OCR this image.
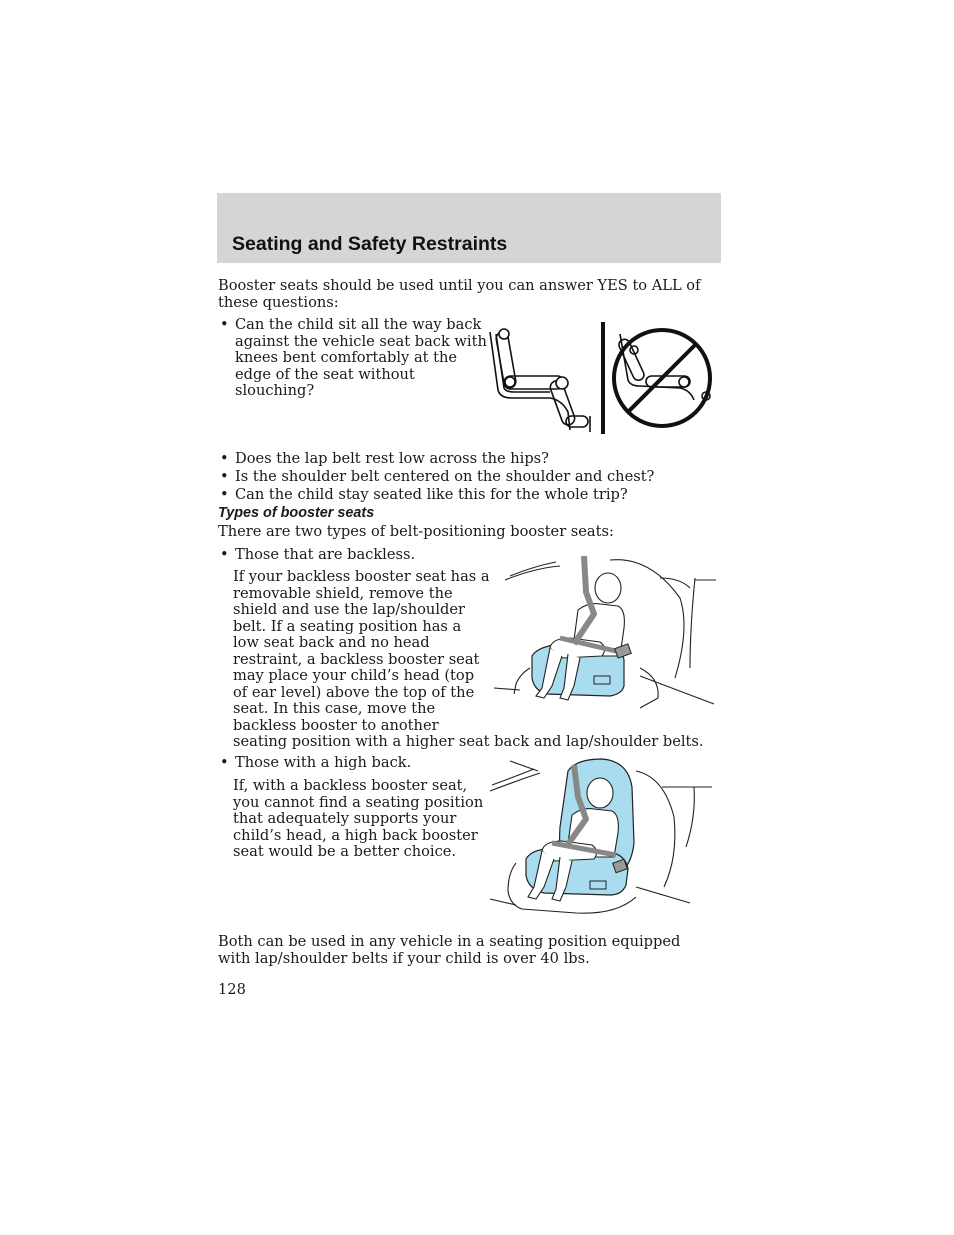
Seating and Safety Restraints
Booster seats should be used until you can answer YES to ALL of these questions:
• Can the child sit all the way back
against the vehicle seat back with
knees bent comfortably at the
edge of the seat without
slouching?
• Does the lap belt rest low across the hips?
• Is the shoulder belt centered on the shoulder and chest?
• Can the child stay seated like this for the whole trip?
Types of booster seats
There are two types of belt-positioning booster seats:
• Those that are backless.
If your backless booster seat has a
removable shield, remove the
shield and use the lap/shoulder
belt. If a seating position has a
low seat back and no head
restraint, a backless booster seat
may place your child’s head (top
of ear level) above the top of the
seat. In this case, move the
backless booster to another
seating position with a higher seat back and lap/shoulder belts.
• Those with a high back.
If, with a backless booster seat,
you cannot find a seating position
that adequately supports your
child’s head, a high back booster
seat would be a better choice.
Both can be used in any vehicle in a seating position equipped with lap/shoulder belts if your child is over 40 lbs.
128
